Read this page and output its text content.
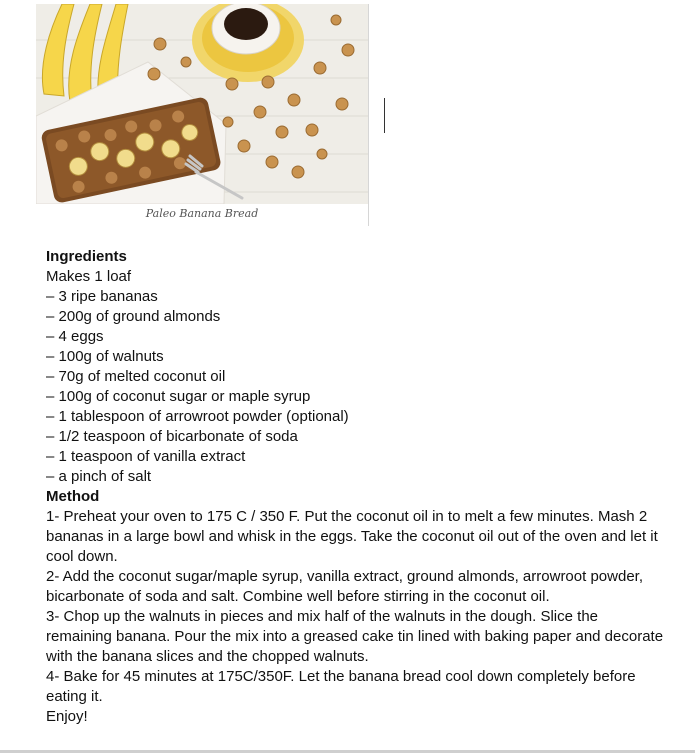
Paleo Banana Bread
Ingredients
Makes 1 loaf
– 3 ripe bananas
– 200g of ground almonds
– 4 eggs
– 100g of walnuts
– 70g of melted coconut oil
– 100g of coconut sugar or maple syrup
– 1 tablespoon of arrowroot powder (optional)
– 1/2 teaspoon of bicarbonate of soda
– 1 teaspoon of vanilla extract
– a pinch of salt
Method

1- Preheat your oven to 175 C / 350 F. Put the coconut oil in to melt a few minutes. Mash 2 bananas in a large bowl and whisk in the eggs. Take the coconut oil out of the oven and let it cool down.

2- Add the coconut sugar/maple syrup, vanilla extract, ground almonds, arrowroot powder, bicarbonate of soda and salt. Combine well before stirring in the coconut oil.

3- Chop up the walnuts in pieces and mix half of the walnuts in the dough. Slice the remaining banana. Pour the mix into a greased cake tin lined with baking paper and decorate with the banana slices and the chopped walnuts.

4- Bake for 45 minutes at 175C/350F. Let the banana bread cool down completely before eating it.

Enjoy!
